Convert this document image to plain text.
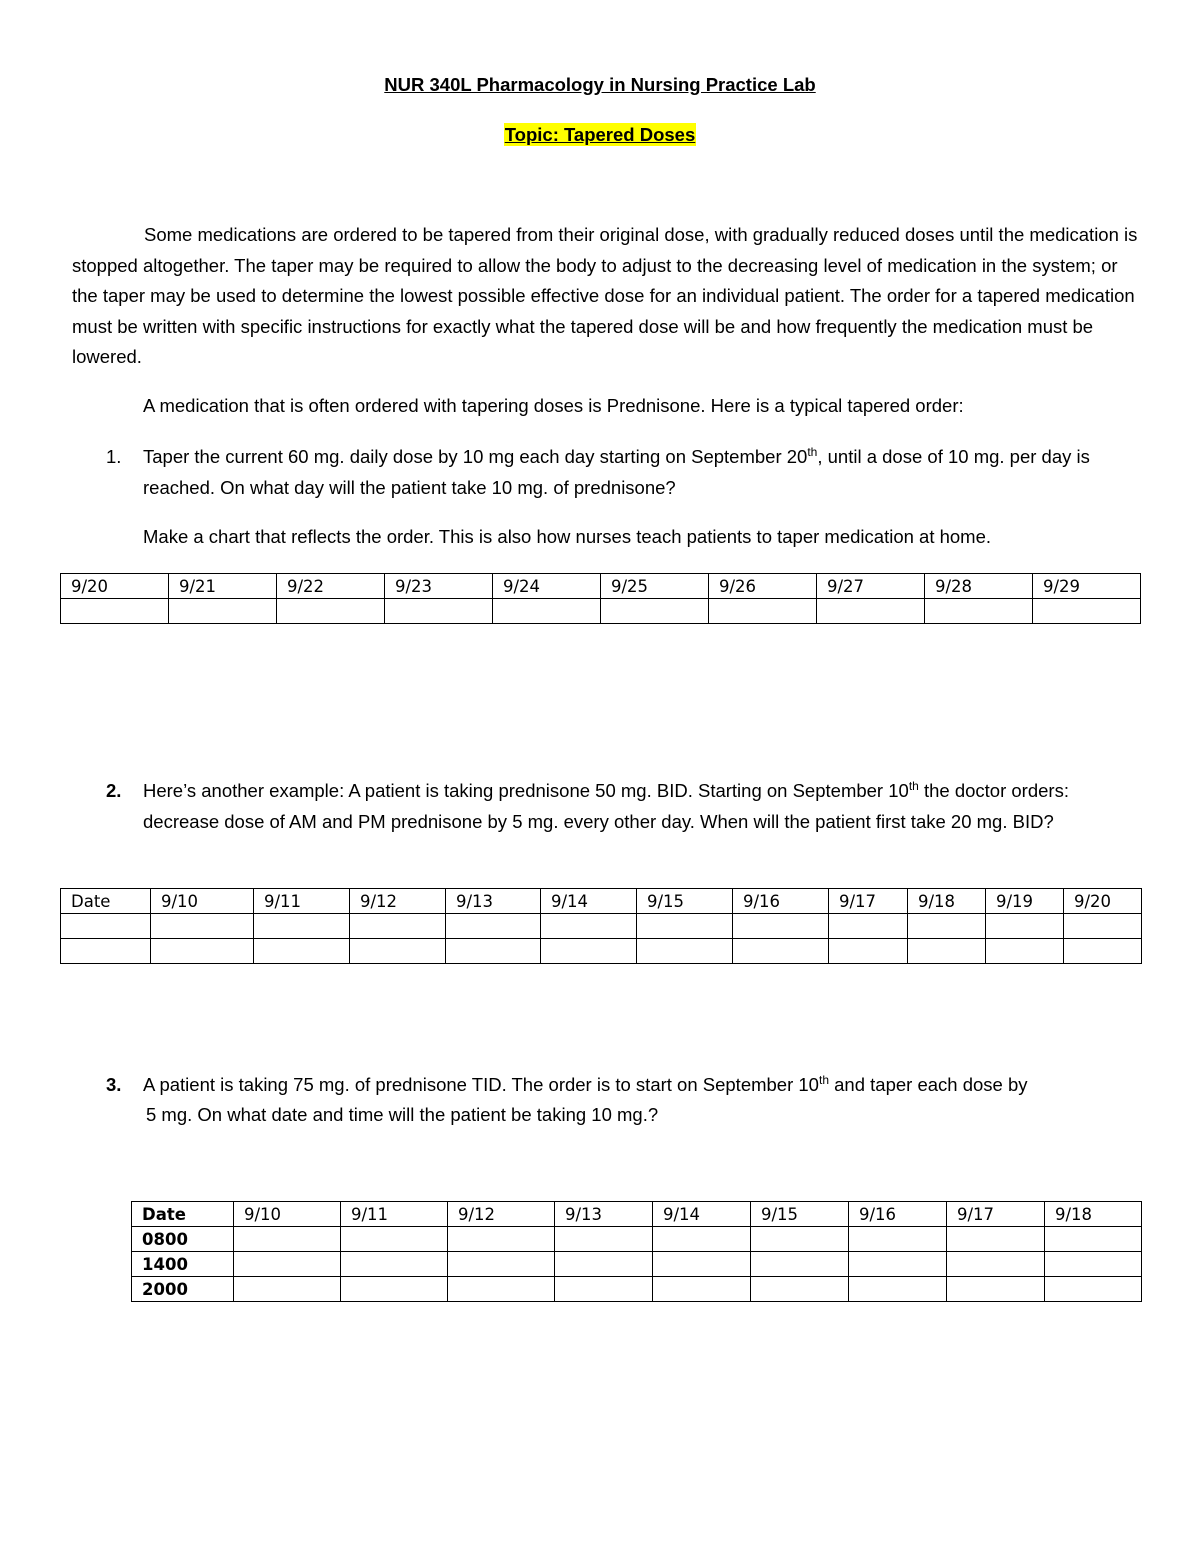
NUR 340L Pharmacology in Nursing Practice Lab
Topic: Tapered Doses

Some medications are ordered to be tapered from their original dose, with gradually reduced doses until the medication is stopped altogether. The taper may be required to allow the body to adjust to the decreasing level of medication in the system; or the taper may be used to determine the lowest possible effective dose for an individual patient. The order for a tapered medication must be written with specific instructions for exactly what the tapered dose will be and how frequently the medication must be lowered.

A medication that is often ordered with tapering doses is Prednisone. Here is a typical tapered order:

1. Taper the current 60 mg. daily dose by 10 mg each day starting on September 20th, until a dose of 10 mg. per day is reached. On what day will the patient take 10 mg. of prednisone?

Make a chart that reflects the order. This is also how nurses teach patients to taper medication at home.

9/20	9/21	9/22	9/23	9/24	9/25	9/26	9/27	9/28	9/29

2. Here’s another example: A patient is taking prednisone 50 mg. BID. Starting on September 10th the doctor orders: decrease dose of AM and PM prednisone by 5 mg. every other day. When will the patient first take 20 mg. BID?

Date	9/10	9/11	9/12	9/13	9/14	9/15	9/16	9/17	9/18	9/19	9/20

3. A patient is taking 75 mg. of prednisone TID. The order is to start on September 10th and taper each dose by

5 mg. On what date and time will the patient be taking 10 mg.?

Date	9/10	9/11	9/12	9/13	9/14	9/15	9/16	9/17	9/18
0800									
1400									
2000									
